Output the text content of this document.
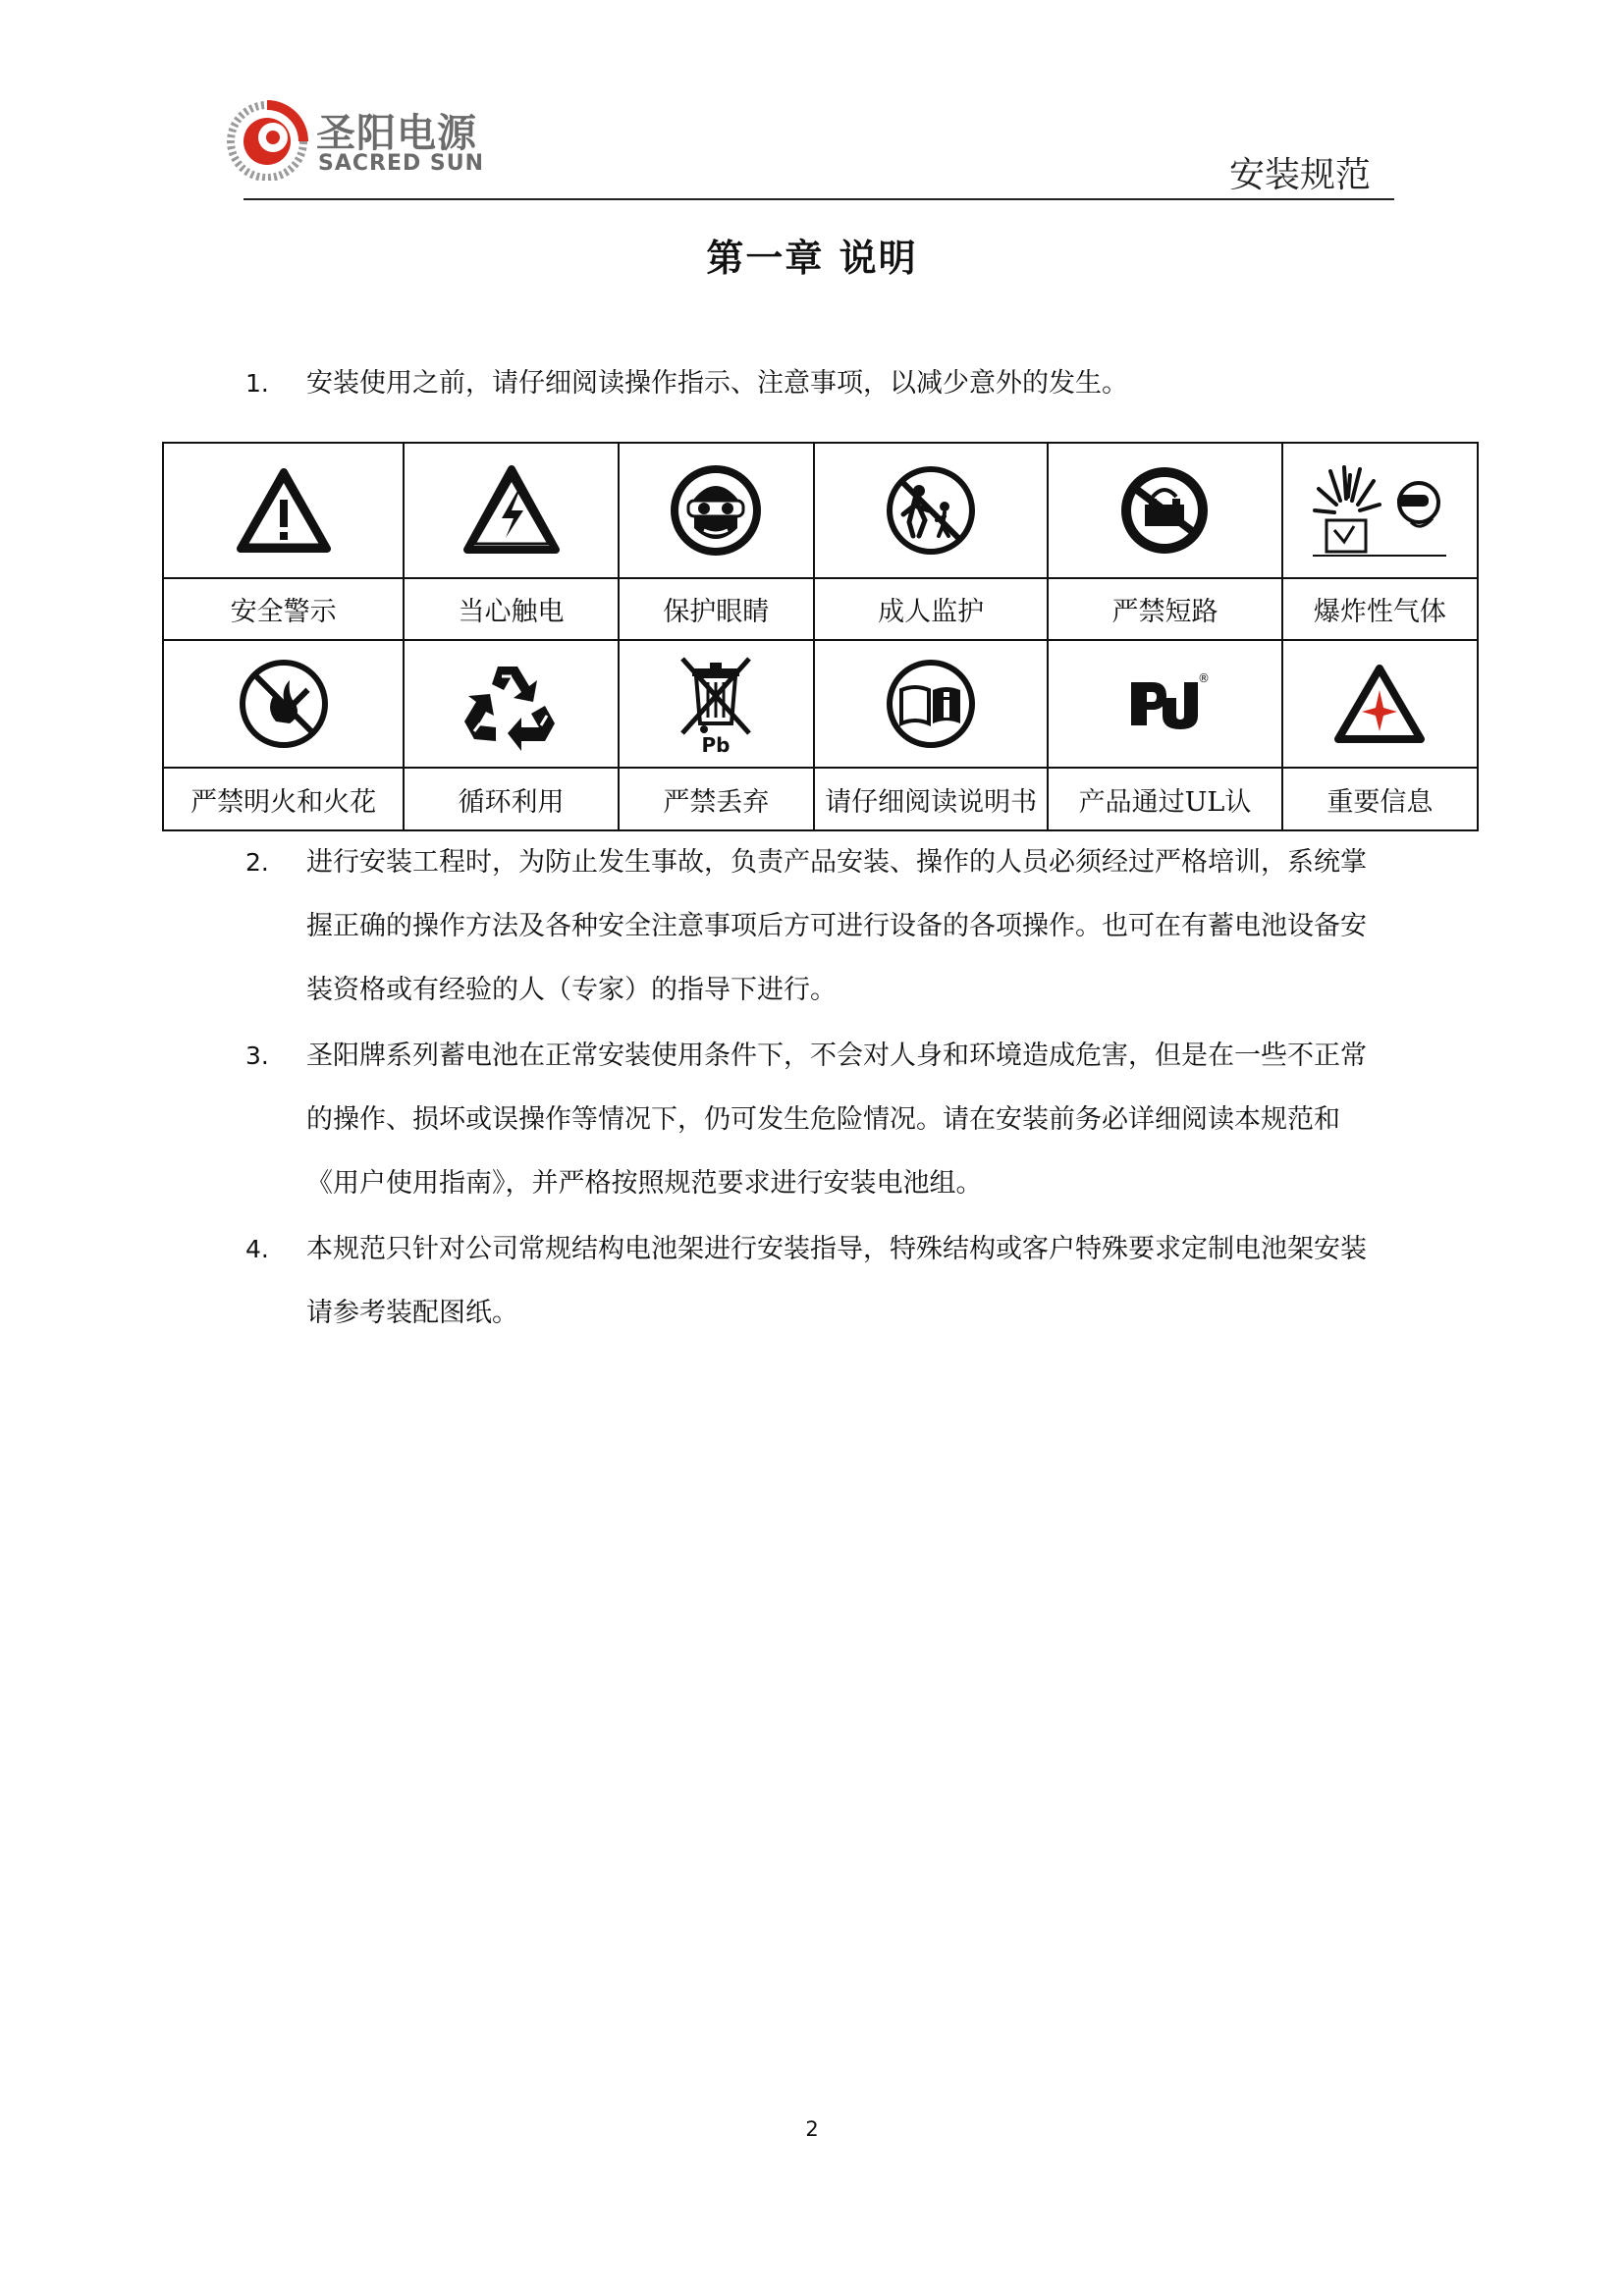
圣阳电源
SACRED SUN	安装规范
第一章 说明
1. 安装使用之前，请仔细阅读操作指示、注意事项，以减少意外的发生。

安全警示	当心触电	保护眼睛	成人监护	严禁短路	爆炸性气体

Pb		®

严禁明火和火花	循环利用	严禁丢弃	请仔细阅读说明书	产品通过UL认	重要信息
2. 进行安装工程时，为防止发生事故，负责产品安装、操作的人员必须经过严格培训，系统掌握正确的操作方法及各种安全注意事项后方可进行设备的各项操作。也可在有蓄电池设备安装资格或有经验的人（专家）的指导下进行。
3. 圣阳牌系列蓄电池在正常安装使用条件下，不会对人身和环境造成危害，但是在一些不正常的操作、损坏或误操作等情况下，仍可发生危险情况。请在安装前务必详细阅读本规范和《用户使用指南》，并严格按照规范要求进行安装电池组。
4. 本规范只针对公司常规结构电池架进行安装指导，特殊结构或客户特殊要求定制电池架安装请参考装配图纸。
2
